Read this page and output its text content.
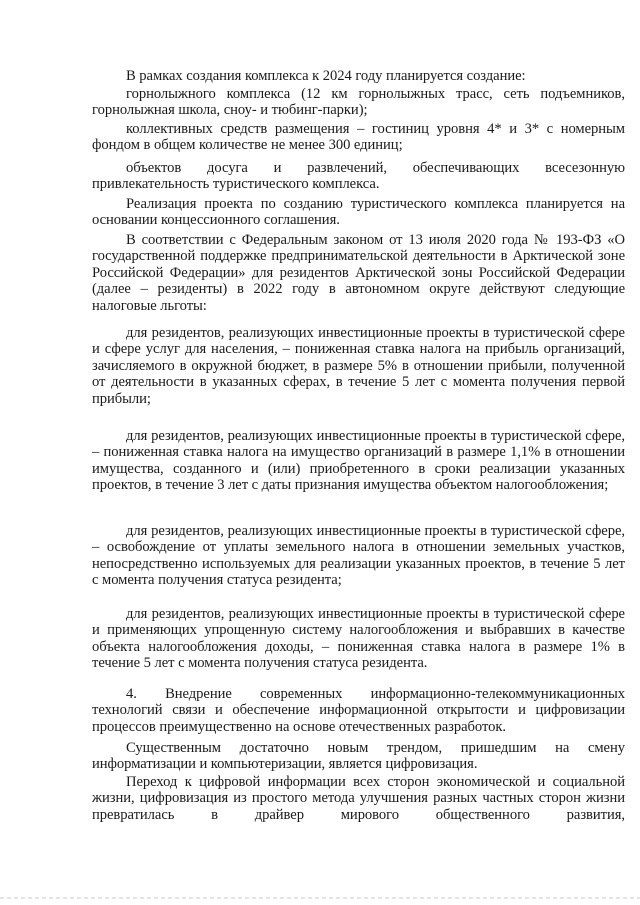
В рамках создания комплекса к 2024 году планируется создание:

горнолыжного комплекса (12 км горнолыжных трасс, сеть подъемников, горнолыжная школа, сноу- и тюбинг-парки);

коллективных средств размещения – гостиниц уровня 4* и 3* с номерным фондом в общем количестве не менее 300 единиц;

объектов досуга и развлечений, обеспечивающих всесезонную привлекательность туристического комплекса.

Реализация проекта по созданию туристического комплекса планируется на основании концессионного соглашения.

В соответствии с Федеральным законом от 13 июля 2020 года № 193-ФЗ «О государственной поддержке предпринимательской деятельности в Арктической зоне Российской Федерации» для резидентов Арктической зоны Российской Федерации (далее – резиденты) в 2022 году в автономном округе действуют следующие налоговые льготы:

для резидентов, реализующих инвестиционные проекты в туристической сфере и сфере услуг для населения, – пониженная ставка налога на прибыль организаций, зачисляемого в окружной бюджет, в размере 5% в отношении прибыли, полученной от деятельности в указанных сферах, в течение 5 лет с момента получения первой прибыли;

для резидентов, реализующих инвестиционные проекты в туристической сфере, – пониженная ставка налога на имущество организаций в размере 1,1% в отношении имущества, созданного и (или) приобретенного в сроки реализации указанных проектов, в течение 3 лет с даты признания имущества объектом налогообложения;

для резидентов, реализующих инвестиционные проекты в туристической сфере, – освобождение от уплаты земельного налога в отношении земельных участков, непосредственно используемых для реализации указанных проектов, в течение 5 лет с момента получения статуса резидента;

для резидентов, реализующих инвестиционные проекты в туристической сфере и применяющих упрощенную систему налогообложения и выбравших в качестве объекта налогообложения доходы, – пониженная ставка налога в размере 1% в течение 5 лет с момента получения статуса резидента.

4. Внедрение современных информационно-телекоммуникационных технологий связи и обеспечение информационной открытости и цифровизации процессов преимущественно на основе отечественных разработок.

Существенным достаточно новым трендом, пришедшим на смену информатизации и компьютеризации, является цифровизация.

Переход к цифровой информации всех сторон экономической и социальной жизни, цифровизация из простого метода улучшения разных частных сторон жизни превратилась в драйвер мирового общественного развития,
